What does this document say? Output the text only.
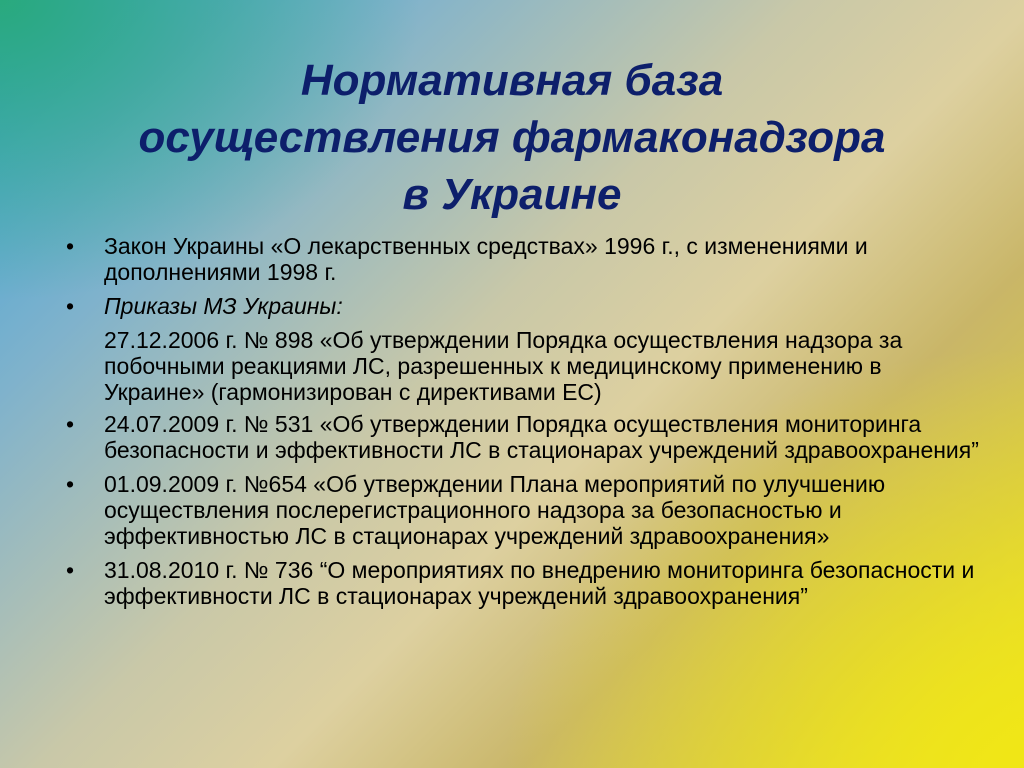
Нормативная база
осуществления фармаконадзора
в Украине
• Закон Украины «О лекарственных средствах» 1996 г., с изменениями и дополнениями 1998 г.
• Приказы МЗ Украины:
27.12.2006 г. № 898 «Об утверждении Порядка осуществления надзора за побочными реакциями ЛС, разрешенных к медицинскому применению в Украине» (гармонизирован с директивами ЕС)
• 24.07.2009 г. № 531 «Об утверждении Порядка осуществления мониторинга безопасности и эффективности ЛС в стационарах учреждений здравоохранения”
• 01.09.2009 г. №654 «Об утверждении Плана мероприятий по улучшению осуществления послерегистрационного надзора за безопасностью и эффективностью ЛС в стационарах учреждений здравоохранения»
• 31.08.2010 г. № 736 “О мероприятиях по внедрению мониторинга безопасности и эффективности ЛС в стационарах учреждений здравоохранения”
